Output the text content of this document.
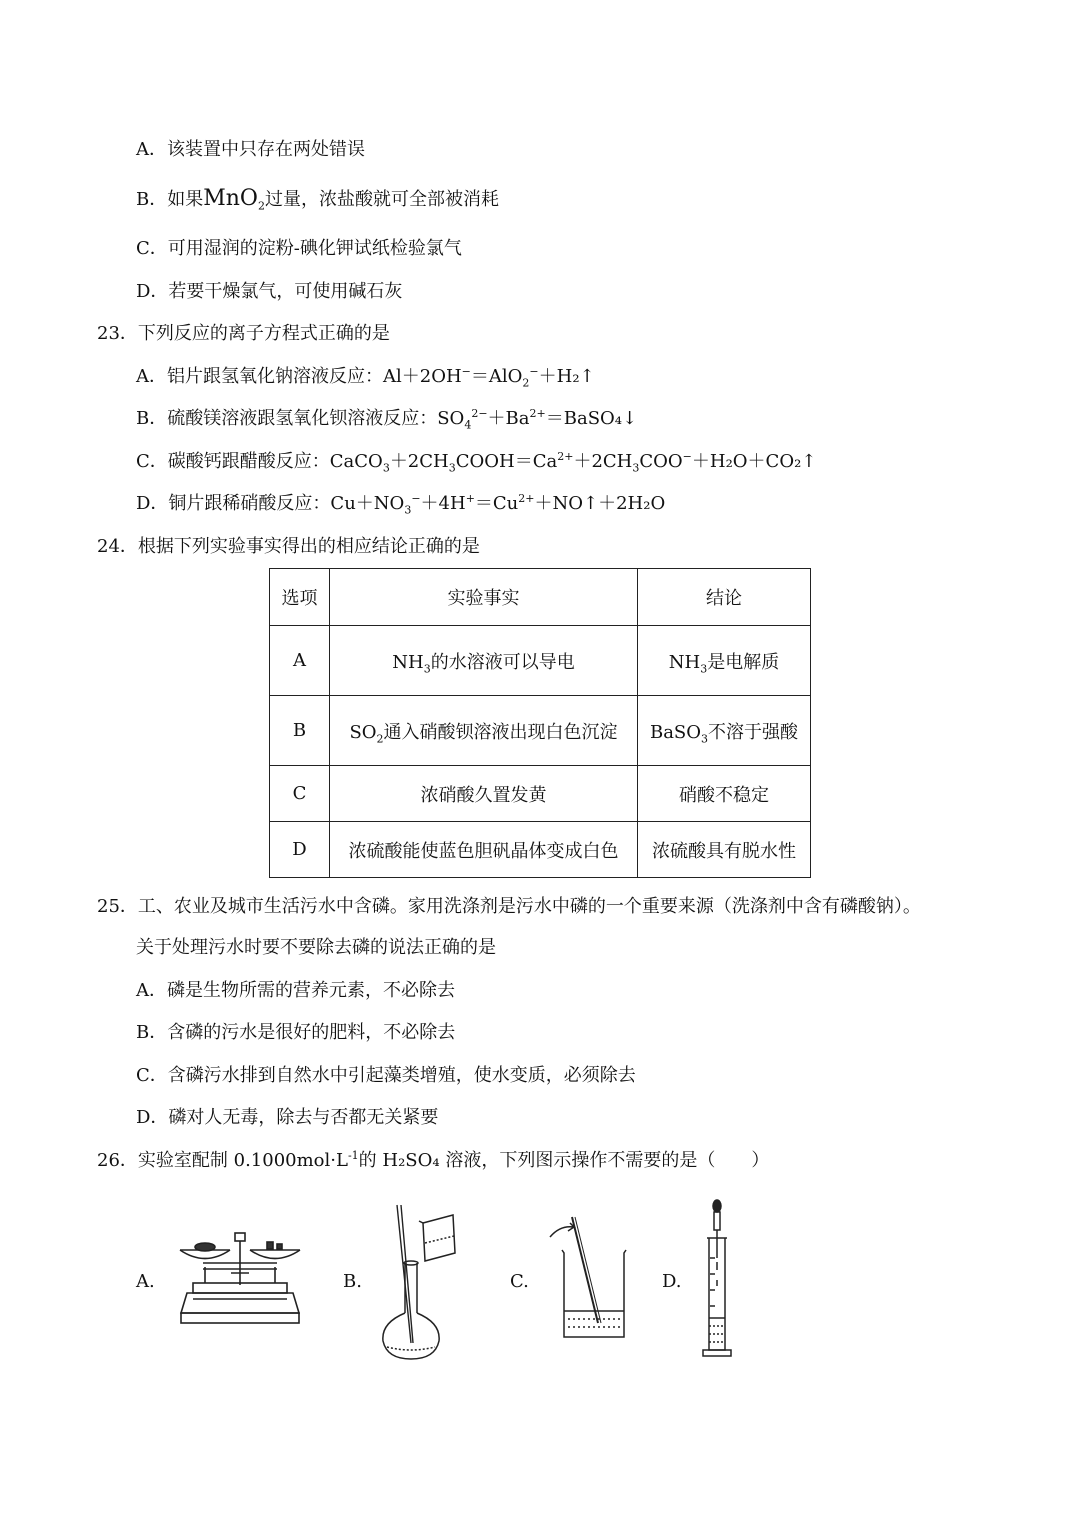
A．该装置中只存在两处错误
B．如果MnO$_2$过量，浓盐酸就可全部被消耗
C．可用湿润的淀粉-碘化钾试纸检验氯气
D．若要干燥氯气，可使用碱石灰
23．下列反应的离子方程式正确的是
A．铝片跟氢氧化钠溶液反应：Al＋2OH−＝AlO$_2$−＋H₂↑
B．硫酸镁溶液跟氢氧化钡溶液反应：$SO_4^{2-}+Ba^{2+}=BaSO_4↓$
C．碳酸钙跟醋酸反应：$CaCO_3+2CH_3COOH=Ca^{2+}+2CH_3COO^-+H_2O+CO_2↑$
D．铜片跟稀硝酸反应：$Cu+NO_3^-+4H^+=Cu^{2+}+NO↑+2H_2O$
24．根据下列实验事实得出的相应结论正确的是
选项	实验事实	结论
A	$NH_3$的水溶液可以导电	$NH_3$是电解质
B	$SO_2$通入硝酸钡溶液出现白色沉淀	BaSO$_3$不溶于强酸
C	浓硝酸久置发黄	硝酸不稳定
D	浓硫酸能使蓝色胆矾晶体变成白色	浓硫酸具有脱水性
25．工、农业及城市生活污水中含磷。家用洗涤剂是污水中磷的一个重要来源（洗涤剂中含有磷酸钠）。
关于处理污水时要不要除去磷的说法正确的是
A．磷是生物所需的营养元素，不必除去
B．含磷的污水是很好的肥料，不必除去
C．含磷污水排到自然水中引起藻类增殖，使水变质，必须除去
D．磷对人无毒，除去与否都无关紧要
26．实验室配制 $0.1000mol\cdot L^{-1}$的 H₂SO₄ 溶液，下列图示操作不需要的是（　　）
A.	B.	C.	D.
